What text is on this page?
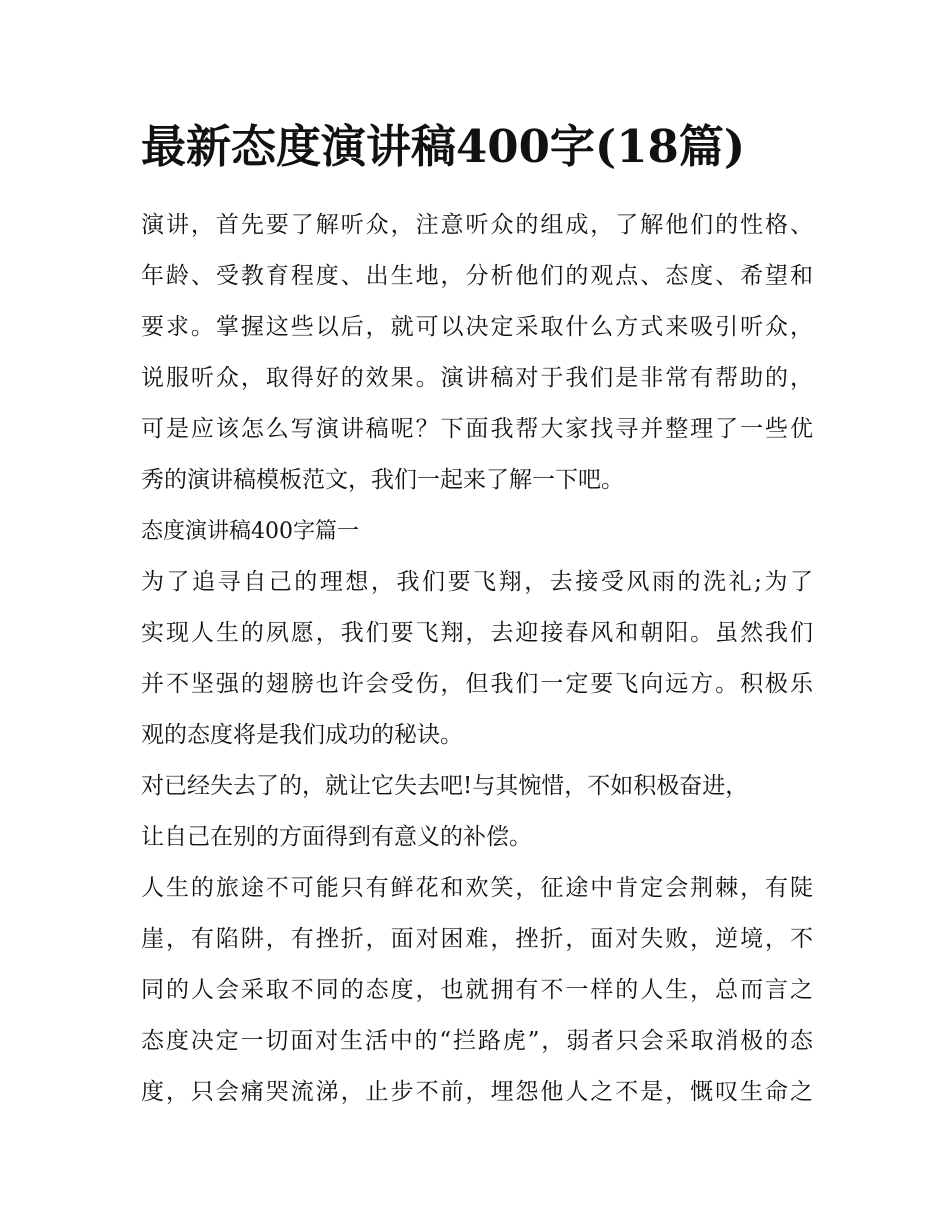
最新态度演讲稿400字(18篇)
演讲，首先要了解听众，注意听众的组成，了解他们的性格、
年龄、受教育程度、出生地，分析他们的观点、态度、希望和
要求。掌握这些以后，就可以决定采取什么方式来吸引听众，
说服听众，取得好的效果。演讲稿对于我们是非常有帮助的，
可是应该怎么写演讲稿呢？下面我帮大家找寻并整理了一些优
秀的演讲稿模板范文，我们一起来了解一下吧。
态度演讲稿400字篇一
为了追寻自己的理想，我们要飞翔，去接受风雨的洗礼;为了
实现人生的夙愿，我们要飞翔，去迎接春风和朝阳。虽然我们
并不坚强的翅膀也许会受伤，但我们一定要飞向远方。积极乐
观的态度将是我们成功的秘诀。
对已经失去了的，就让它失去吧!与其惋惜，不如积极奋进，
让自己在别的方面得到有意义的补偿。
人生的旅途不可能只有鲜花和欢笑，征途中肯定会荆棘，有陡
崖，有陷阱，有挫折，面对困难，挫折，面对失败，逆境，不
同的人会采取不同的态度，也就拥有不一样的人生，总而言之
态度决定一切面对生活中的“拦路虎”，弱者只会采取消极的态
度，只会痛哭流涕，止步不前，埋怨他人之不是，慨叹生命之
